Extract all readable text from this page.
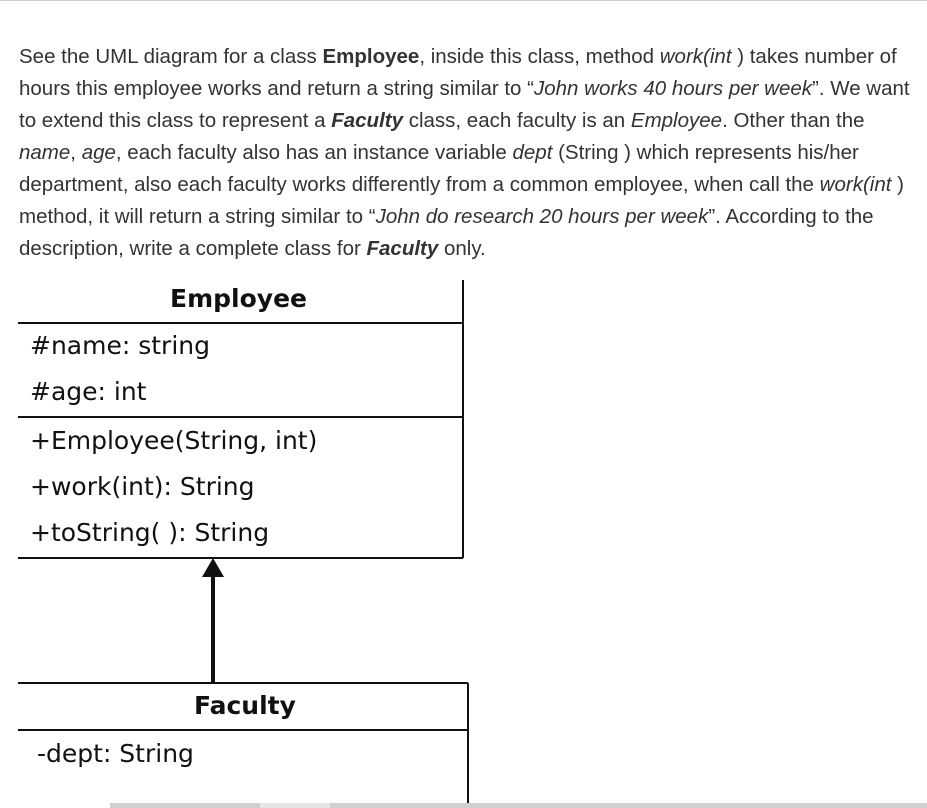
See the UML diagram for a class Employee, inside this class, method work(int ) takes number of hours this employee works and return a string similar to “John works 40 hours per week”. We want to extend this class to represent a Faculty class, each faculty is an Employee. Other than the name, age, each faculty also has an instance variable dept (String ) which represents his/her department, also each faculty works differently from a common employee, when call the work(int ) method, it will return a string similar to “John do research 20 hours per week”. According to the description, write a complete class for Faculty only.

Employee
#name: string
#age: int
+Employee(String, int)
+work(int): String
+toString( ): String
Faculty
-dept: String
